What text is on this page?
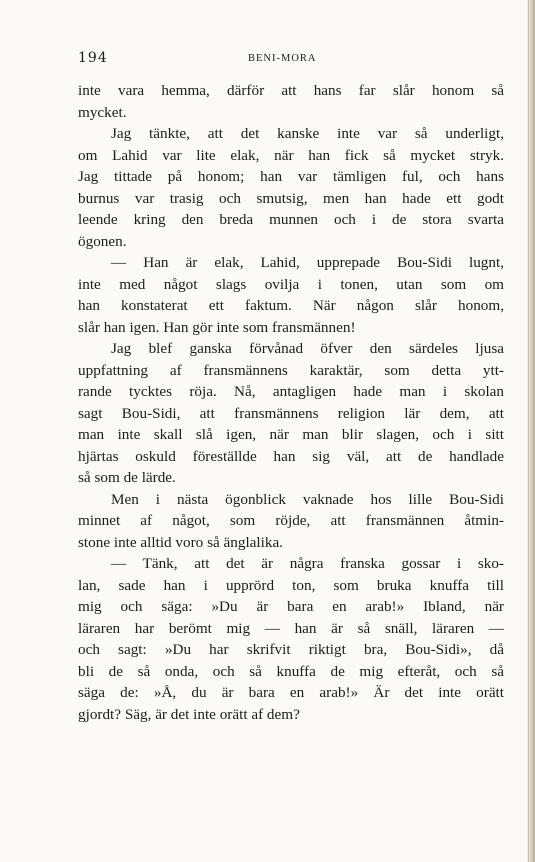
194	BENI-MORA
inte vara hemma, därför att hans far slår honom så
mycket.
Jag tänkte, att det kanske inte var så underligt,
om Lahid var lite elak, när han fick så mycket stryk.
Jag tittade på honom; han var tämligen ful, och hans
burnus var trasig och smutsig, men han hade ett godt
leende kring den breda munnen och i de stora svarta
ögonen.
— Han är elak, Lahid, upprepade Bou-Sidi lugnt,
inte med något slags ovilja i tonen, utan som om
han konstaterat ett faktum. När någon slår honom,
slår han igen. Han gör inte som fransmännen!
Jag blef ganska förvånad öfver den särdeles ljusa
uppfattning af fransmännens karaktär, som detta ytt-
rande tycktes röja. Nå, antagligen hade man i skolan
sagt Bou-Sidi, att fransmännens religion lär dem, att
man inte skall slå igen, när man blir slagen, och i sitt
hjärtas oskuld föreställde han sig väl, att de handlade
så som de lärde.
Men i nästa ögonblick vaknade hos lille Bou-Sidi
minnet af något, som röjde, att fransmännen åtmin-
stone inte alltid voro så änglalika.
— Tänk, att det är några franska gossar i sko-
lan, sade han i upprörd ton, som bruka knuffa till
mig och säga: »Du är bara en arab!» Ibland, när
läraren har berömt mig — han är så snäll, läraren —
och sagt: »Du har skrifvit riktigt bra, Bou-Sidi», då
bli de så onda, och så knuffa de mig efteråt, och så
säga de: »Å, du är bara en arab!» Är det inte orätt
gjordt? Säg, är det inte orätt af dem?
